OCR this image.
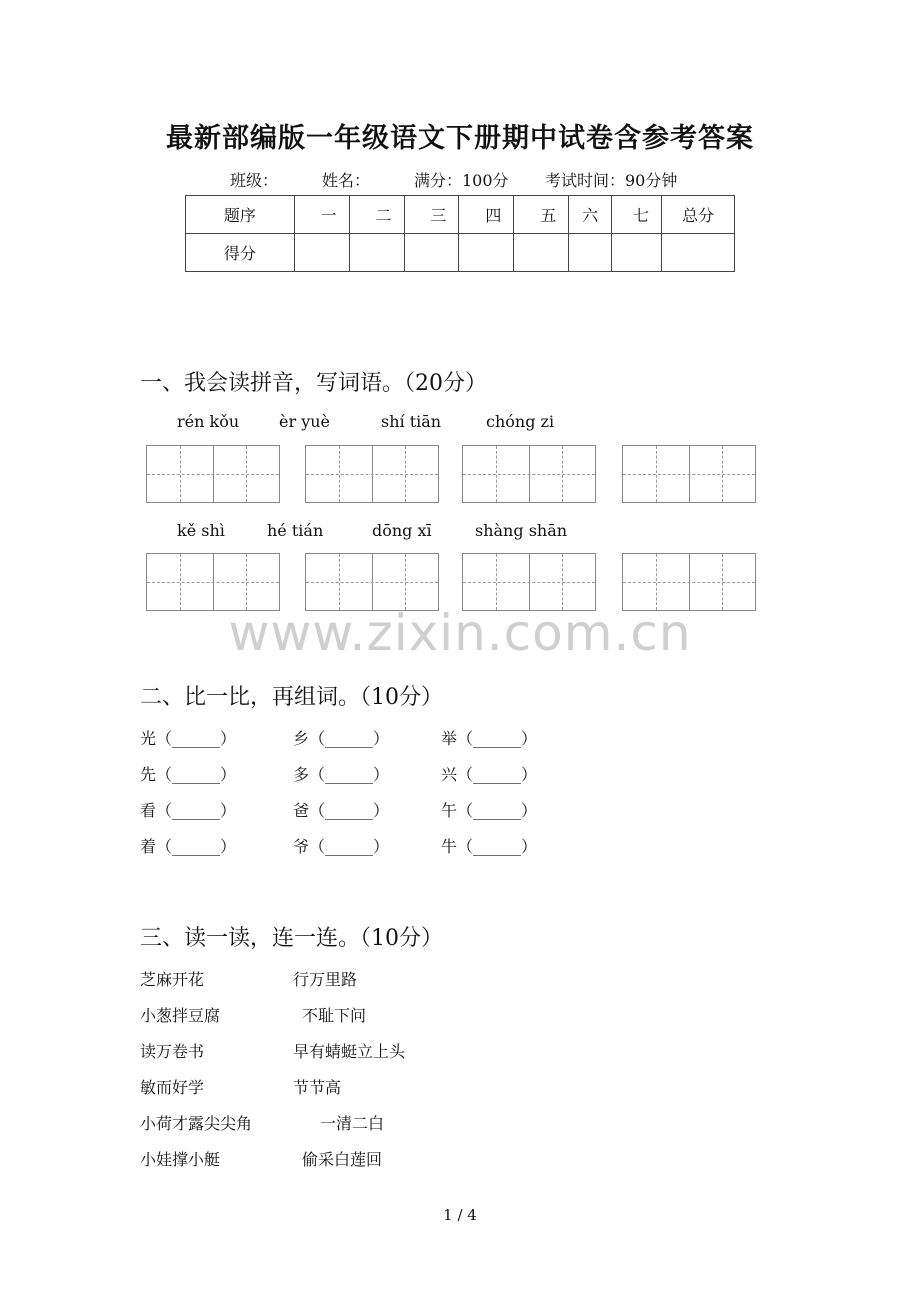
最新部编版一年级语文下册期中试卷含参考答案
班级：	姓名：	满分：100分 考试时间：90分钟
题序	一	二	三	四	五	六	七	总分
得分								
一、我会读拼音，写词语。（20分）
rén kǒu èr yuè	shí tiān	chóng zi
kě shì	hé tián	dōng xī	shàng shān
www.zixin.com.cn
二、比一比，再组词。（10分）
光（______）	乡（______）	举（______）
先（______）	多（______）	兴（______）
看（______）	爸（______）	午（______）
着（______）	爷（______）	牛（______）
三、读一读，连一连。（10分）
芝麻开花	行万里路
小葱拌豆腐	不耻下问
读万卷书	早有蜻蜓立上头
敏而好学	节节高
小荷才露尖尖角	一清二白
小娃撑小艇	偷采白莲回
1 / 4
